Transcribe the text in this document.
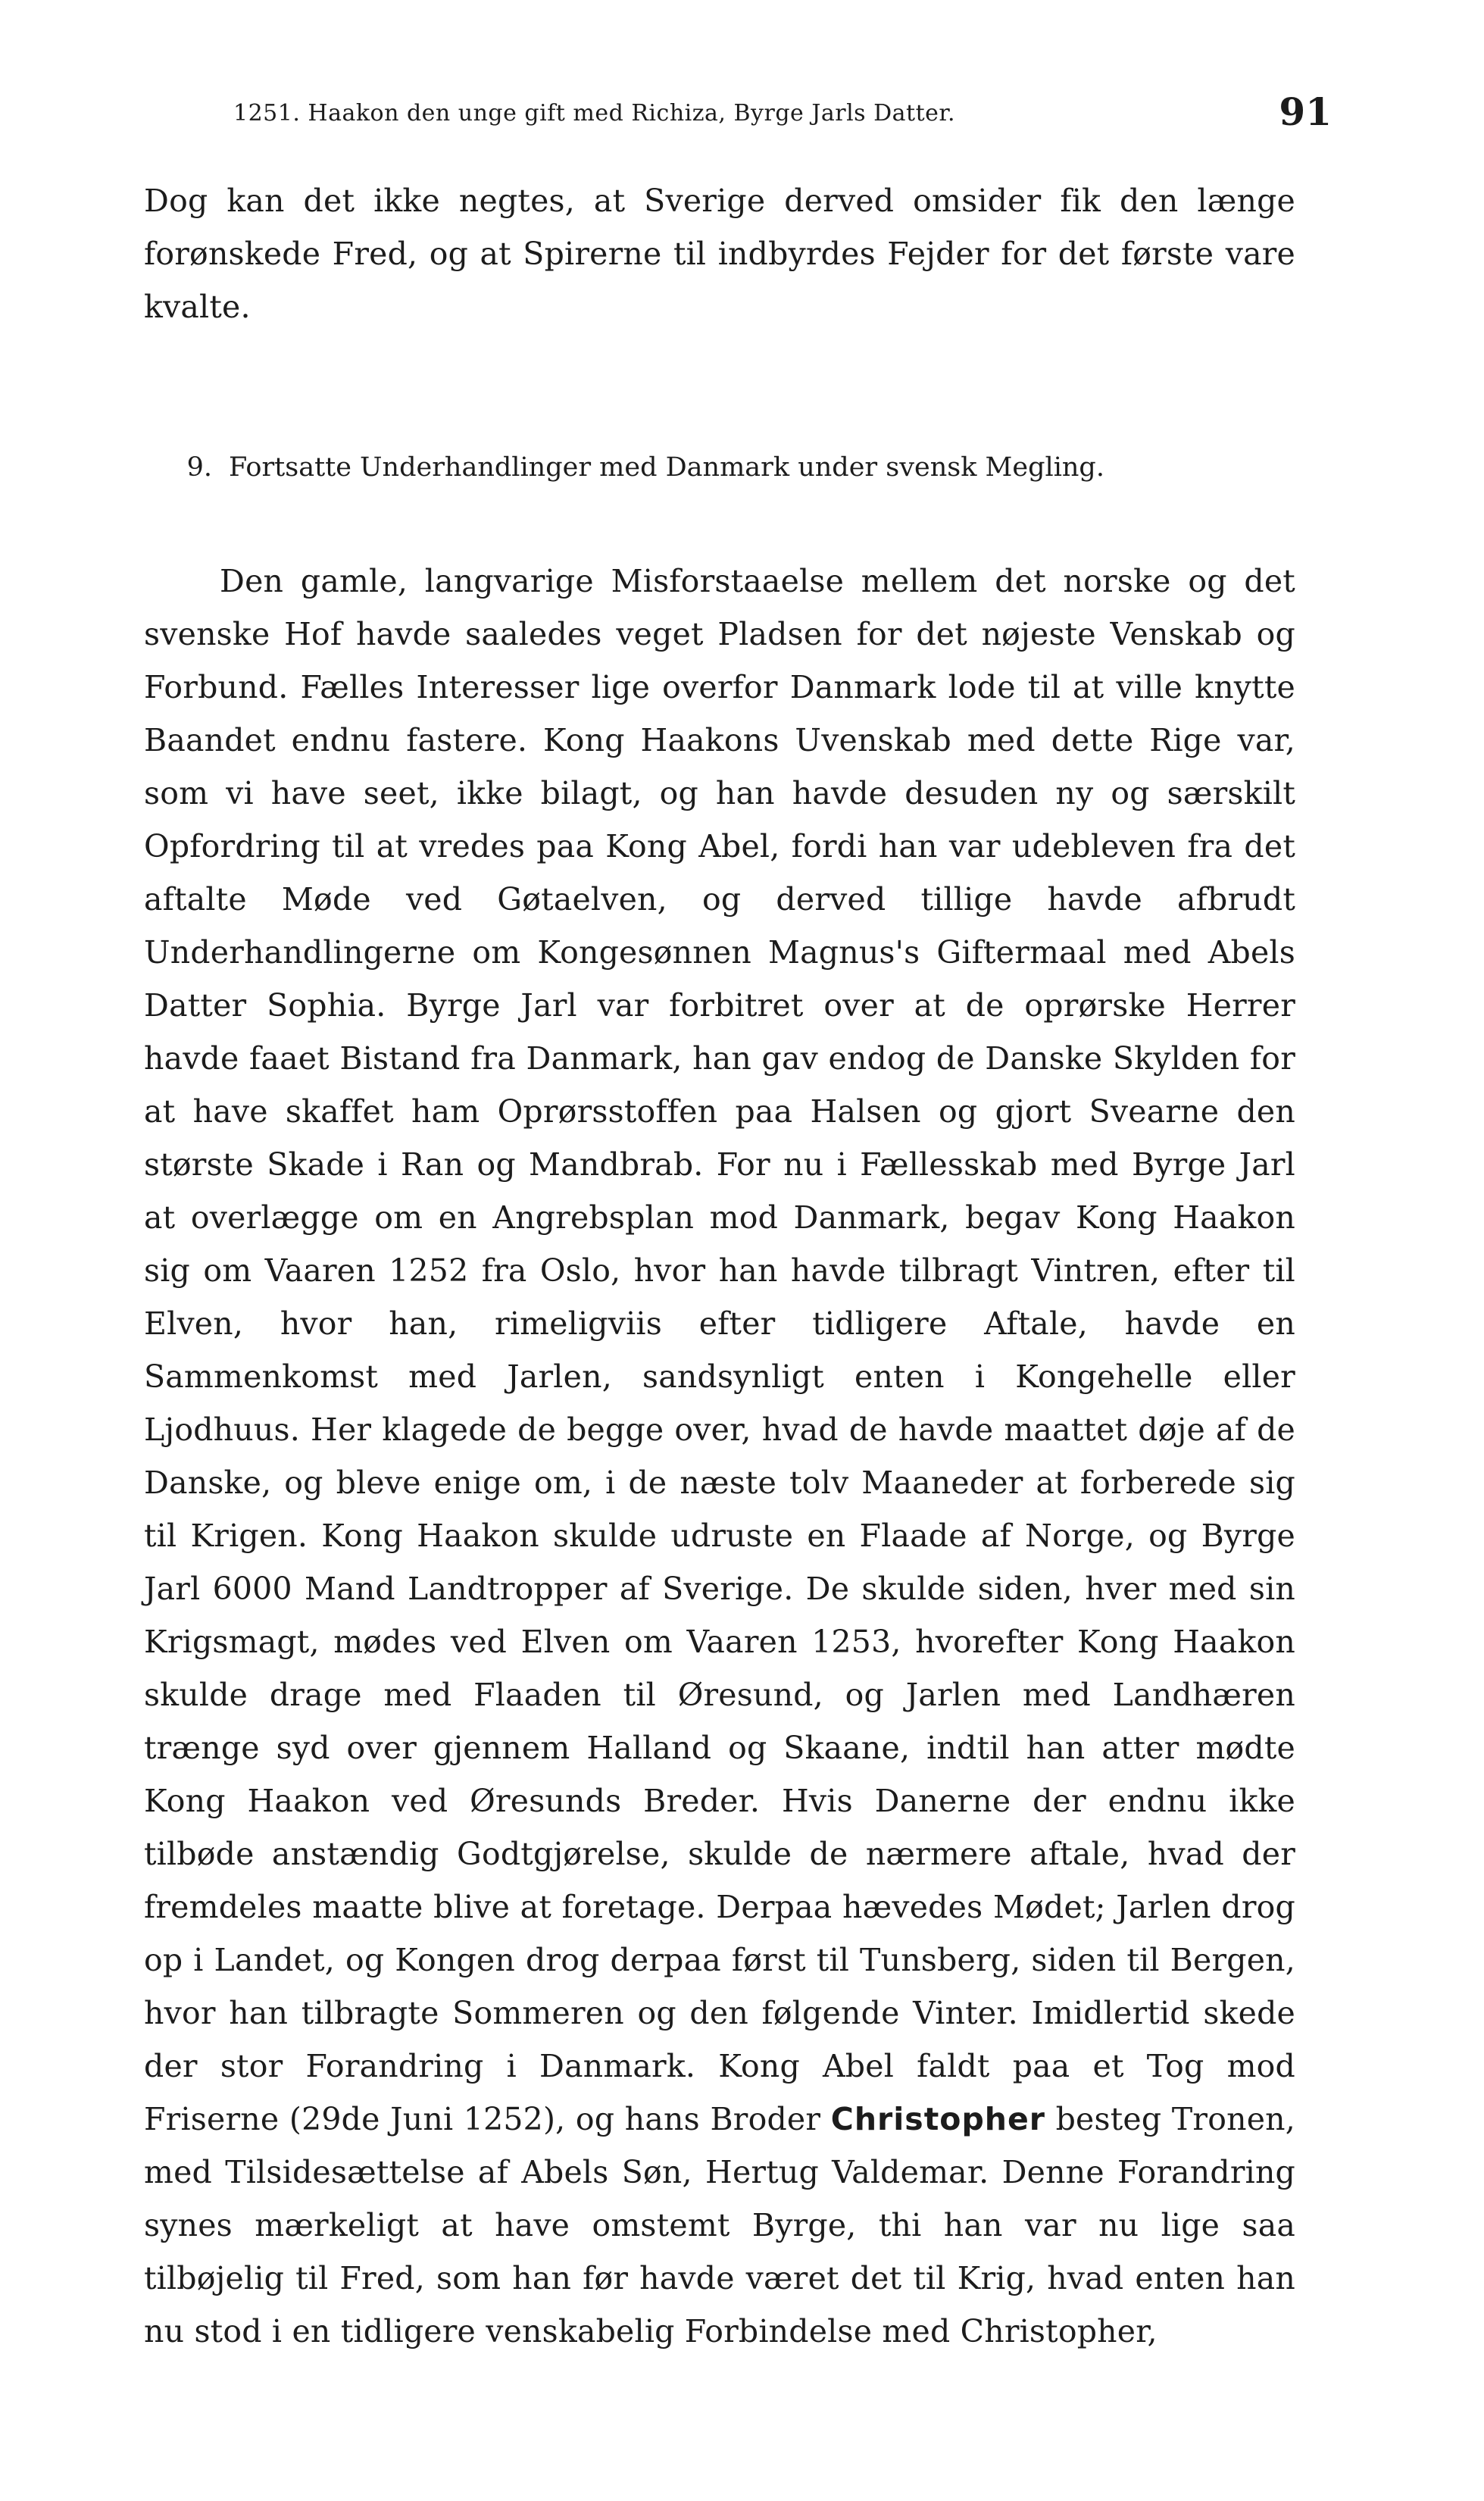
1251. Haakon den unge gift med Richiza, Byrge Jarls Datter.	91

Dog kan det ikke negtes, at Sverige derved omsider fik den længe forønskede Fred, og at Spirerne til indbyrdes Fejder for det første vare kvalte.

9. Fortsatte Underhandlinger med Danmark under svensk Megling.

Den gamle, langvarige Misforstaaelse mellem det norske og det svenske Hof havde saaledes veget Pladsen for det nøjeste Venskab og Forbund. Fælles Interesser lige overfor Danmark lode til at ville knytte Baandet endnu fastere. Kong Haakons Uvenskab med dette Rige var, som vi have seet, ikke bilagt, og han havde desuden ny og særskilt Opfordring til at vredes paa Kong Abel, fordi han var udebleven fra det aftalte Møde ved Gøtaelven, og derved tillige havde afbrudt Underhandlingerne om Kongesønnen Magnus's Giftermaal med Abels Datter Sophia. Byrge Jarl var forbitret over at de oprørske Herrer havde faaet Bistand fra Danmark, han gav endog de Danske Skylden for at have skaffet ham Oprørsstoffen paa Halsen og gjort Svearne den største Skade i Ran og Mandbrab. For nu i Fællesskab med Byrge Jarl at overlægge om en Angrebsplan mod Danmark, begav Kong Haakon sig om Vaaren 1252 fra Oslo, hvor han havde tilbragt Vintren, efter til Elven, hvor han, rimeligviis efter tidligere Aftale, havde en Sammenkomst med Jarlen, sandsynligt enten i Kongehelle eller Ljodhuus. Her klagede de begge over, hvad de havde maattet døje af de Danske, og bleve enige om, i de næste tolv Maaneder at forberede sig til Krigen. Kong Haakon skulde udruste en Flaade af Norge, og Byrge Jarl 6000 Mand Landtropper af Sverige. De skulde siden, hver med sin Krigsmagt, mødes ved Elven om Vaaren 1253, hvorefter Kong Haakon skulde drage med Flaaden til Øresund, og Jarlen med Landhæren trænge syd over gjennem Halland og Skaane, indtil han atter mødte Kong Haakon ved Øresunds Breder. Hvis Danerne der endnu ikke tilbøde anstændig Godtgjørelse, skulde de nærmere aftale, hvad der fremdeles maatte blive at foretage. Derpaa hævedes Mødet; Jarlen drog op i Landet, og Kongen drog derpaa først til Tunsberg, siden til Bergen, hvor han tilbragte Sommeren og den følgende Vinter. Imidlertid skede der stor Forandring i Danmark. Kong Abel faldt paa et Tog mod Friserne (29de Juni 1252), og hans Broder Christopher besteg Tronen, med Tilsidesættelse af Abels Søn, Hertug Valdemar. Denne Forandring synes mærkeligt at have omstemt Byrge, thi han var nu lige saa tilbøjelig til Fred, som han før havde været det til Krig, hvad enten han nu stod i en tidligere venskabelig Forbindelse med Christopher,
